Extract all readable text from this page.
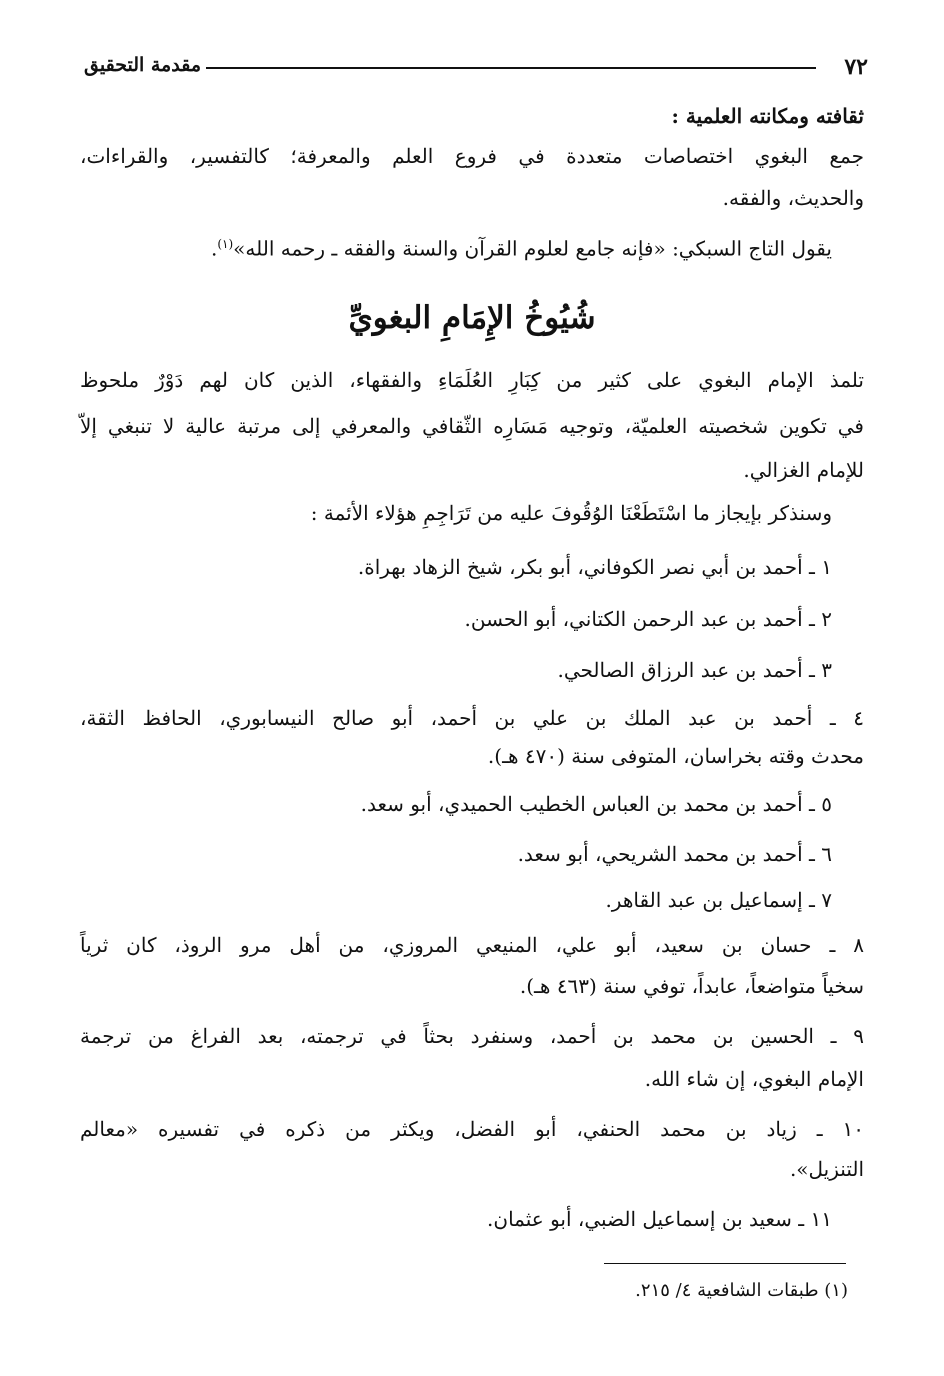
٧٢
مقدمة التحقيق
ثقافته ومكانته العلمية :
جمع البغوي اختصاصات متعددة في فروع العلم والمعرفة؛ كالتفسير، والقراءات،
والحديث، والفقه.
يقول التاج السبكي: «فإنه جامع لعلوم القرآن والسنة والفقه ـ رحمه الله»$^{(١)}$.
شُيُوخُ الإِمَامِ البغويِّ
تلمذ الإمام البغوي على كثير من كِبَارِ العُلَمَاءِ والفقهاء، الذين كان لهم دَوْرٌ ملحوظ
في تكوين شخصيته العلميّة، وتوجيه مَسَارِه الثّقافي والمعرفي إلى مرتبة عالية لا تنبغي إلاّ
للإمام الغزالي.
وسنذكر بإيجاز ما اسْتَطَعْنَا الوُقُوفَ عليه من تَرَاجِمِ هؤلاء الأئمة :
١ ـ أحمد بن أبي نصر الكوفاني، أبو بكر، شيخ الزهاد بهراة.
٢ ـ أحمد بن عبد الرحمن الكتاني، أبو الحسن.
٣ ـ أحمد بن عبد الرزاق الصالحي.
٤ ـ أحمد بن عبد الملك بن علي بن أحمد، أبو صالح النيسابوري، الحافظ الثقة،
محدث وقته بخراسان، المتوفى سنة (٤٧٠ هـ).
٥ ـ أحمد بن محمد بن العباس الخطيب الحميدي، أبو سعد.
٦ ـ أحمد بن محمد الشريحي، أبو سعد.
٧ ـ إسماعيل بن عبد القاهر.
٨ ـ حسان بن سعيد، أبو علي، المنيعي المروزي، من أهل مرو الروذ، كان ثرياً
سخياً متواضعاً، عابداً، توفي سنة (٤٦٣ هـ).
٩ ـ الحسين بن محمد بن أحمد، وسنفرد بحثاً في ترجمته، بعد الفراغ من ترجمة
الإمام البغوي، إن شاء الله.
١٠ ـ زياد بن محمد الحنفي، أبو الفضل، ويكثر من ذكره في تفسيره «معالم
التنزيل».
١١ ـ سعيد بن إسماعيل الضبي، أبو عثمان.
(١) طبقات الشافعية ٤/ ٢١٥.
